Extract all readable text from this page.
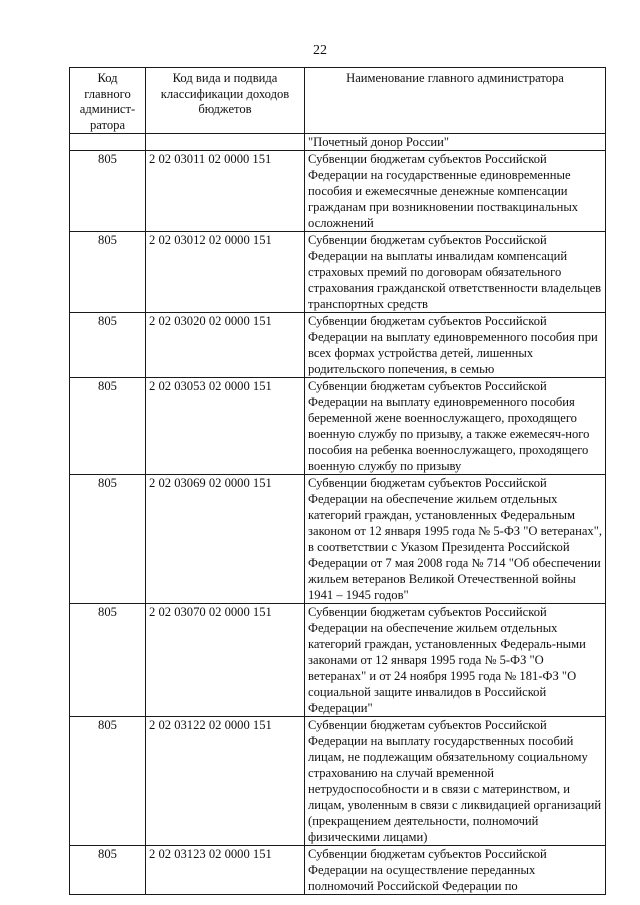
22
Код главного админист-ратора	Код вида и подвида классификации доходов бюджетов	Наименование главного администратора
		"Почетный донор России"
805	2 02 03011 02 0000 151	Субвенции бюджетам субъектов Российской Федерации на государственные единовременные пособия и ежемесячные денежные компенсации гражданам при возникновении поствакцинальных осложнений
805	2 02 03012 02 0000 151	Субвенции бюджетам субъектов Российской Федерации на выплаты инвалидам компенсаций страховых премий по договорам обязательного страхования гражданской ответственности владельцев транспортных средств
805	2 02 03020 02 0000 151	Субвенции бюджетам субъектов Российской Федерации на выплату единовременного пособия при всех формах устройства детей, лишенных родительского попечения, в семью
805	2 02 03053 02 0000 151	Субвенции бюджетам субъектов Российской Федерации на выплату единовременного пособия беременной жене военнослужащего, проходящего военную службу по призыву, а также ежемесяч-ного пособия на ребенка военнослужащего, проходящего военную службу по призыву
805	2 02 03069 02 0000 151	Субвенции бюджетам субъектов Российской Федерации на обеспечение жильем отдельных категорий граждан, установленных Федеральным законом от 12 января 1995 года № 5-ФЗ "О ветеранах", в соответствии с Указом Президента Российской Федерации от 7 мая 2008 года № 714 "Об обеспечении жильем ветеранов Великой Отечественной войны 1941 – 1945 годов"
805	2 02 03070 02 0000 151	Субвенции бюджетам субъектов Российской Федерации на обеспечение жильем отдельных категорий граждан, установленных Федераль-ными законами от 12 января 1995 года № 5-ФЗ "О ветеранах" и от 24 ноября 1995 года № 181-ФЗ "О социальной защите инвалидов в Российской Федерации"
805	2 02 03122 02 0000 151	Субвенции бюджетам субъектов Российской Федерации на выплату государственных пособий лицам, не подлежащим обязательному социальному страхованию на случай временной нетрудоспособности и в связи с материнством, и лицам, уволенным в связи с ликвидацией организаций (прекращением деятельности, полномочий физическими лицами)
805	2 02 03123 02 0000 151	Субвенции бюджетам субъектов Российской Федерации на осуществление переданных полномочий Российской Федерации по
